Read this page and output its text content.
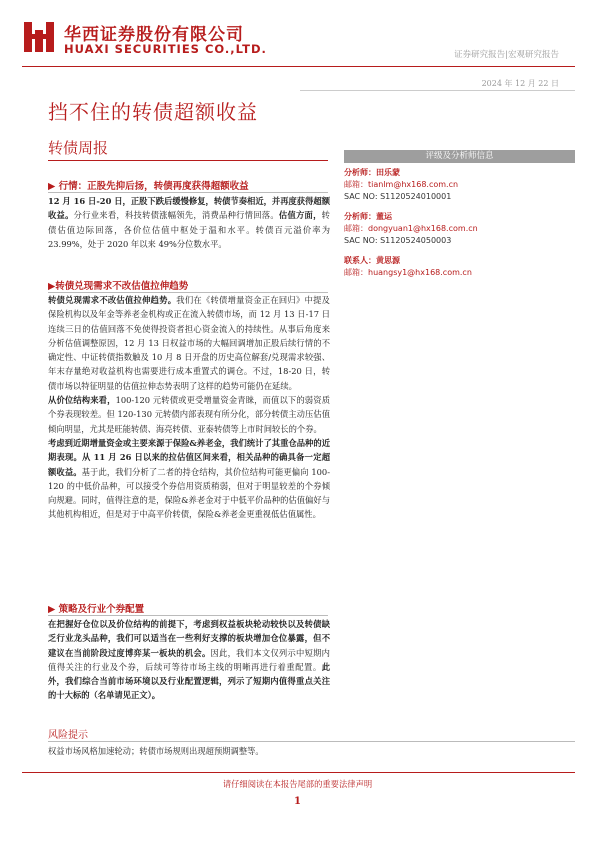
华西证券股份有限公司
HUAXI SECURITIES CO.,LTD.	证券研究报告|宏观研究报告
2024 年 12 月 22 日
挡不住的转债超额收益
转债周报	评级及分析师信息
分析师：田乐蒙
邮箱：tianlm@hx168.com.cn
SAC NO: S1120524010001
分析师：董运
邮箱：dongyuan1@hx168.com.cn
SAC NO: S1120524050003
联系人：黄思源
邮箱：huangsy1@hx168.com.cn
▶ 行情：正股先抑后扬，转债再度获得超额收益

12 月 16 日-20 日，正股下跌后缓慢修复，转债节奏相近，并再度获得超额收益。分行业来看，科技转债涨幅领先，消费品种行情回落。估值方面，转债估值边际回落，各价位估值中枢处于温和水平。转债百元溢价率为 23.99%，处于 2020 年以来 49%分位数水平。

▶转债兑现需求不改估值拉伸趋势

转债兑现需求不改估值拉伸趋势。我们在《转债增量资金正在回归》中提及保险机构以及年金等养老金机构或正在流入转债市场，而 12 月 13 日-17 日连续三日的估值回落不免使得投资者担心资金流入的持续性。从事后角度来分析估值调整原因，12 月 13 日权益市场的大幅回调增加正股后续行情的不确定性、中证转债指数触及 10 月 8 日开盘的历史高位解套/兑现需求较强、年末存量绝对收益机构也需要进行成本重置式的调仓。不过，18-20 日，转债市场以特征明显的估值拉伸态势表明了这样的趋势可能仍在延续。

从价位结构来看，100-120 元转债或更受增量资金青睐，而值以下的弱资质个券表现较差。但 120-130 元转债内部表现有所分化，部分转债主动压估值倾向明显，尤其是旺能转债、海亮转债、亚泰转债等上市时间较长的个券。

考虑到近期增量资金或主要来源于保险&养老金，我们统计了其重仓品种的近期表现。从 11 月 26 日以来的拉估值区间来看，相关品种的确具备一定超额收益。基于此，我们分析了二者的持仓结构，其价位结构可能更偏向 100-120 的中低价品种，可以接受个券信用资质稍弱，但对于明显较差的个券倾向规避。同时，值得注意的是，保险&养老金对于中低平价品种的估值偏好与其他机构相近，但是对于中高平价转债，保险&养老金更重视低估值属性。

▶ 策略及行业个券配置

在把握好仓位以及价位结构的前提下，考虑到权益板块轮动较快以及转债缺乏行业龙头品种，我们可以适当在一些利好支撑的板块增加仓位暴露，但不建议在当前阶段过度博弈某一板块的机会。因此，我们本文仅列示中短期内值得关注的行业及个券，后续可等待市场主线的明晰再进行着重配置。此外，我们综合当前市场环境以及行业配置逻辑，列示了短期内值得重点关注的十大标的（名单请见正文）。

风险提示
权益市场风格加速轮动；转债市场规则出现超预期调整等。
请仔细阅读在本报告尾部的重要法律声明
1
